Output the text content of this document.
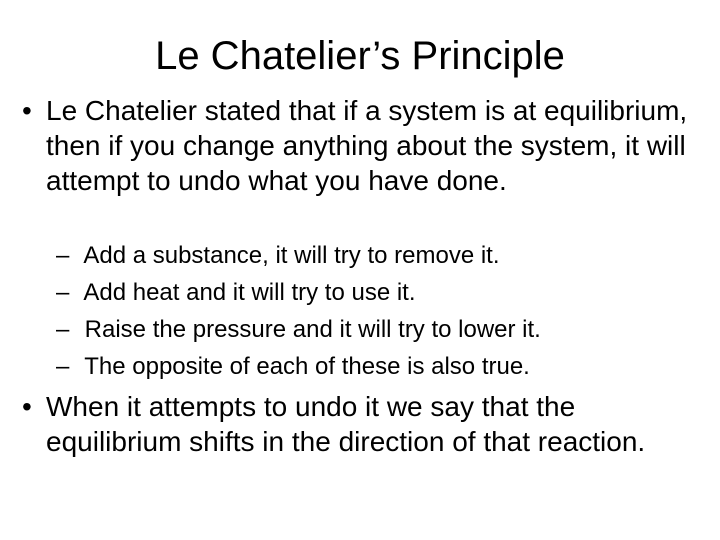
Le Chatelier’s Principle
• Le Chatelier stated that if a system is at equilibrium, then if you change anything about the system, it will attempt to undo what you have done.
– Add a substance, it will try to remove it.
– Add heat and it will try to use it.
– Raise the pressure and it will try to lower it.
– The opposite of each of these is also true.
• When it attempts to undo it we say that the equilibrium shifts in the direction of that reaction.
